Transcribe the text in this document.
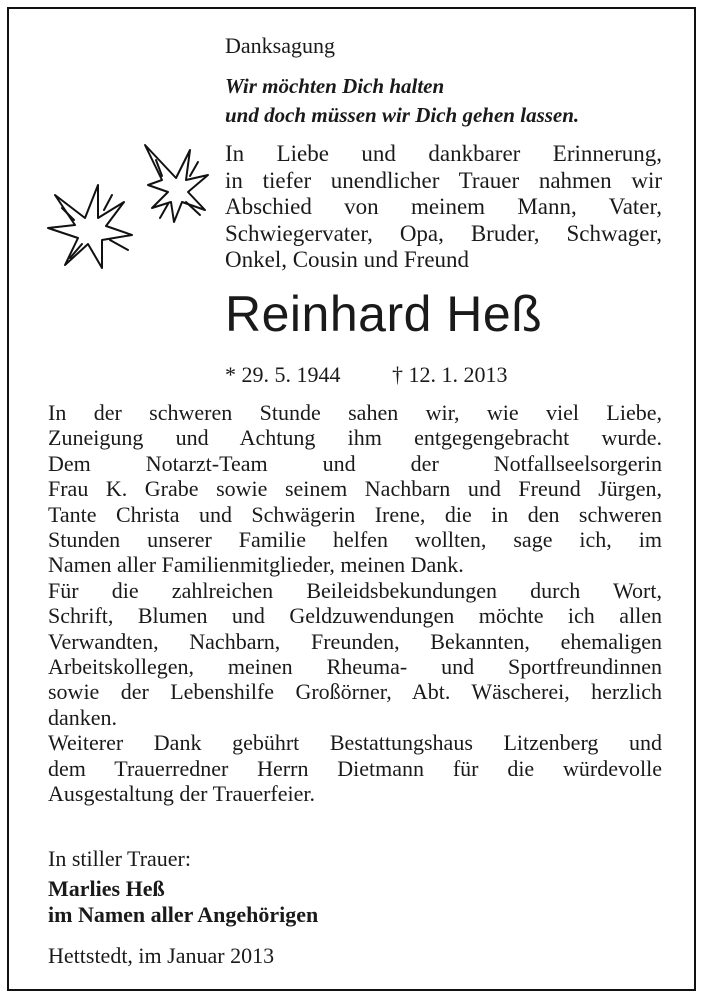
Danksagung
Wir möchten Dich halten
und doch müssen wir Dich gehen lassen.
In Liebe und dankbarer Erinnerung,
in tiefer unendlicher Trauer nahmen wir
Abschied von meinem Mann, Vater,
Schwiegervater, Opa, Bruder, Schwager,
Onkel, Cousin und Freund
Reinhard Heß
* 29. 5. 1944 † 12. 1. 2013
In der schweren Stunde sahen wir, wie viel Liebe,
Zuneigung und Achtung ihm entgegengebracht wurde.
Dem Notarzt-Team und der Notfallseelsorgerin
Frau K. Grabe sowie seinem Nachbarn und Freund Jürgen,
Tante Christa und Schwägerin Irene, die in den schweren
Stunden unserer Familie helfen wollten, sage ich, im
Namen aller Familienmitglieder, meinen Dank.
Für die zahlreichen Beileidsbekundungen durch Wort,
Schrift, Blumen und Geldzuwendungen möchte ich allen
Verwandten, Nachbarn, Freunden, Bekannten, ehemaligen
Arbeitskollegen, meinen Rheuma- und Sportfreundinnen
sowie der Lebenshilfe Großörner, Abt. Wäscherei, herzlich
danken.
Weiterer Dank gebührt Bestattungshaus Litzenberg und
dem Trauerredner Herrn Dietmann für die würdevolle
Ausgestaltung der Trauerfeier.
In stiller Trauer:
Marlies Heß
im Namen aller Angehörigen
Hettstedt, im Januar 2013
